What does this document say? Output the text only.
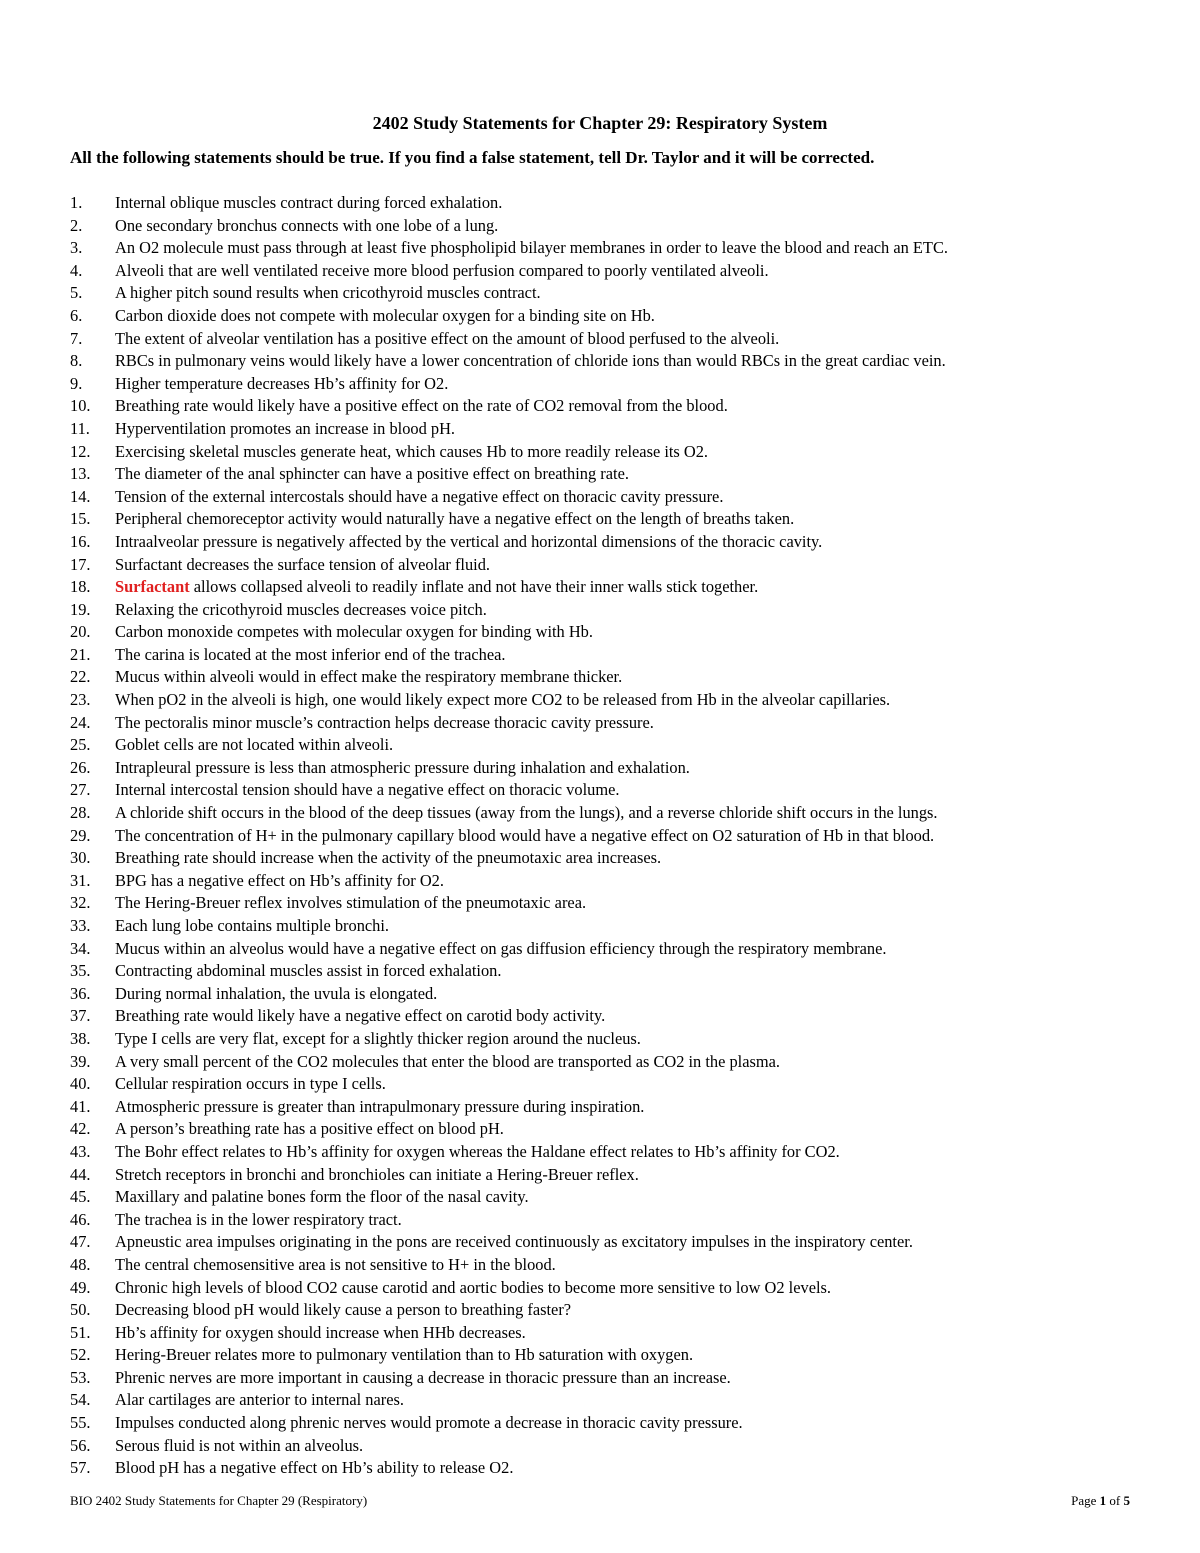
2402 Study Statements for Chapter 29: Respiratory System
All the following statements should be true. If you find a false statement, tell Dr. Taylor and it will be corrected.
1.	Internal oblique muscles contract during forced exhalation.
2.	One secondary bronchus connects with one lobe of a lung.
3.	An O2 molecule must pass through at least five phospholipid bilayer membranes in order to leave the blood and reach an ETC.
4.	Alveoli that are well ventilated receive more blood perfusion compared to poorly ventilated alveoli.
5.	A higher pitch sound results when cricothyroid muscles contract.
6.	Carbon dioxide does not compete with molecular oxygen for a binding site on Hb.
7.	The extent of alveolar ventilation has a positive effect on the amount of blood perfused to the alveoli.
8.	RBCs in pulmonary veins would likely have a lower concentration of chloride ions than would RBCs in the great cardiac vein.
9.	Higher temperature decreases Hb’s affinity for O2.
10.	Breathing rate would likely have a positive effect on the rate of CO2 removal from the blood.
11.	Hyperventilation promotes an increase in blood pH.
12.	Exercising skeletal muscles generate heat, which causes Hb to more readily release its O2.
13.	The diameter of the anal sphincter can have a positive effect on breathing rate.
14.	Tension of the external intercostals should have a negative effect on thoracic cavity pressure.
15.	Peripheral chemoreceptor activity would naturally have a negative effect on the length of breaths taken.
16.	Intraalveolar pressure is negatively affected by the vertical and horizontal dimensions of the thoracic cavity.
17.	Surfactant decreases the surface tension of alveolar fluid.
18.	Surfactant allows collapsed alveoli to readily inflate and not have their inner walls stick together.
19.	Relaxing the cricothyroid muscles decreases voice pitch.
20.	Carbon monoxide competes with molecular oxygen for binding with Hb.
21.	The carina is located at the most inferior end of the trachea.
22.	Mucus within alveoli would in effect make the respiratory membrane thicker.
23.	When pO2 in the alveoli is high, one would likely expect more CO2 to be released from Hb in the alveolar capillaries.
24.	The pectoralis minor muscle’s contraction helps decrease thoracic cavity pressure.
25.	Goblet cells are not located within alveoli.
26.	Intrapleural pressure is less than atmospheric pressure during inhalation and exhalation.
27.	Internal intercostal tension should have a negative effect on thoracic volume.
28.	A chloride shift occurs in the blood of the deep tissues (away from the lungs), and a reverse chloride shift occurs in the lungs.
29.	The concentration of H+ in the pulmonary capillary blood would have a negative effect on O2 saturation of Hb in that blood.
30.	Breathing rate should increase when the activity of the pneumotaxic area increases.
31.	BPG has a negative effect on Hb’s affinity for O2.
32.	The Hering-Breuer reflex involves stimulation of the pneumotaxic area.
33.	Each lung lobe contains multiple bronchi.
34.	Mucus within an alveolus would have a negative effect on gas diffusion efficiency through the respiratory membrane.
35.	Contracting abdominal muscles assist in forced exhalation.
36.	During normal inhalation, the uvula is elongated.
37.	Breathing rate would likely have a negative effect on carotid body activity.
38.	Type I cells are very flat, except for a slightly thicker region around the nucleus.
39.	A very small percent of the CO2 molecules that enter the blood are transported as CO2 in the plasma.
40.	Cellular respiration occurs in type I cells.
41.	Atmospheric pressure is greater than intrapulmonary pressure during inspiration.
42.	A person’s breathing rate has a positive effect on blood pH.
43.	The Bohr effect relates to Hb’s affinity for oxygen whereas the Haldane effect relates to Hb’s affinity for CO2.
44.	Stretch receptors in bronchi and bronchioles can initiate a Hering-Breuer reflex.
45.	Maxillary and palatine bones form the floor of the nasal cavity.
46.	The trachea is in the lower respiratory tract.
47.	Apneustic area impulses originating in the pons are received continuously as excitatory impulses in the inspiratory center.
48.	The central chemosensitive area is not sensitive to H+ in the blood.
49.	Chronic high levels of blood CO2 cause carotid and aortic bodies to become more sensitive to low O2 levels.
50.	Decreasing blood pH would likely cause a person to breathing faster?
51.	Hb’s affinity for oxygen should increase when HHb decreases.
52.	Hering-Breuer relates more to pulmonary ventilation than to Hb saturation with oxygen.
53.	Phrenic nerves are more important in causing a decrease in thoracic pressure than an increase.
54.	Alar cartilages are anterior to internal nares.
55.	Impulses conducted along phrenic nerves would promote a decrease in thoracic cavity pressure.
56.	Serous fluid is not within an alveolus.
57.	Blood pH has a negative effect on Hb’s ability to release O2.
BIO 2402 Study Statements for Chapter 29 (Respiratory)	Page 1 of 5
